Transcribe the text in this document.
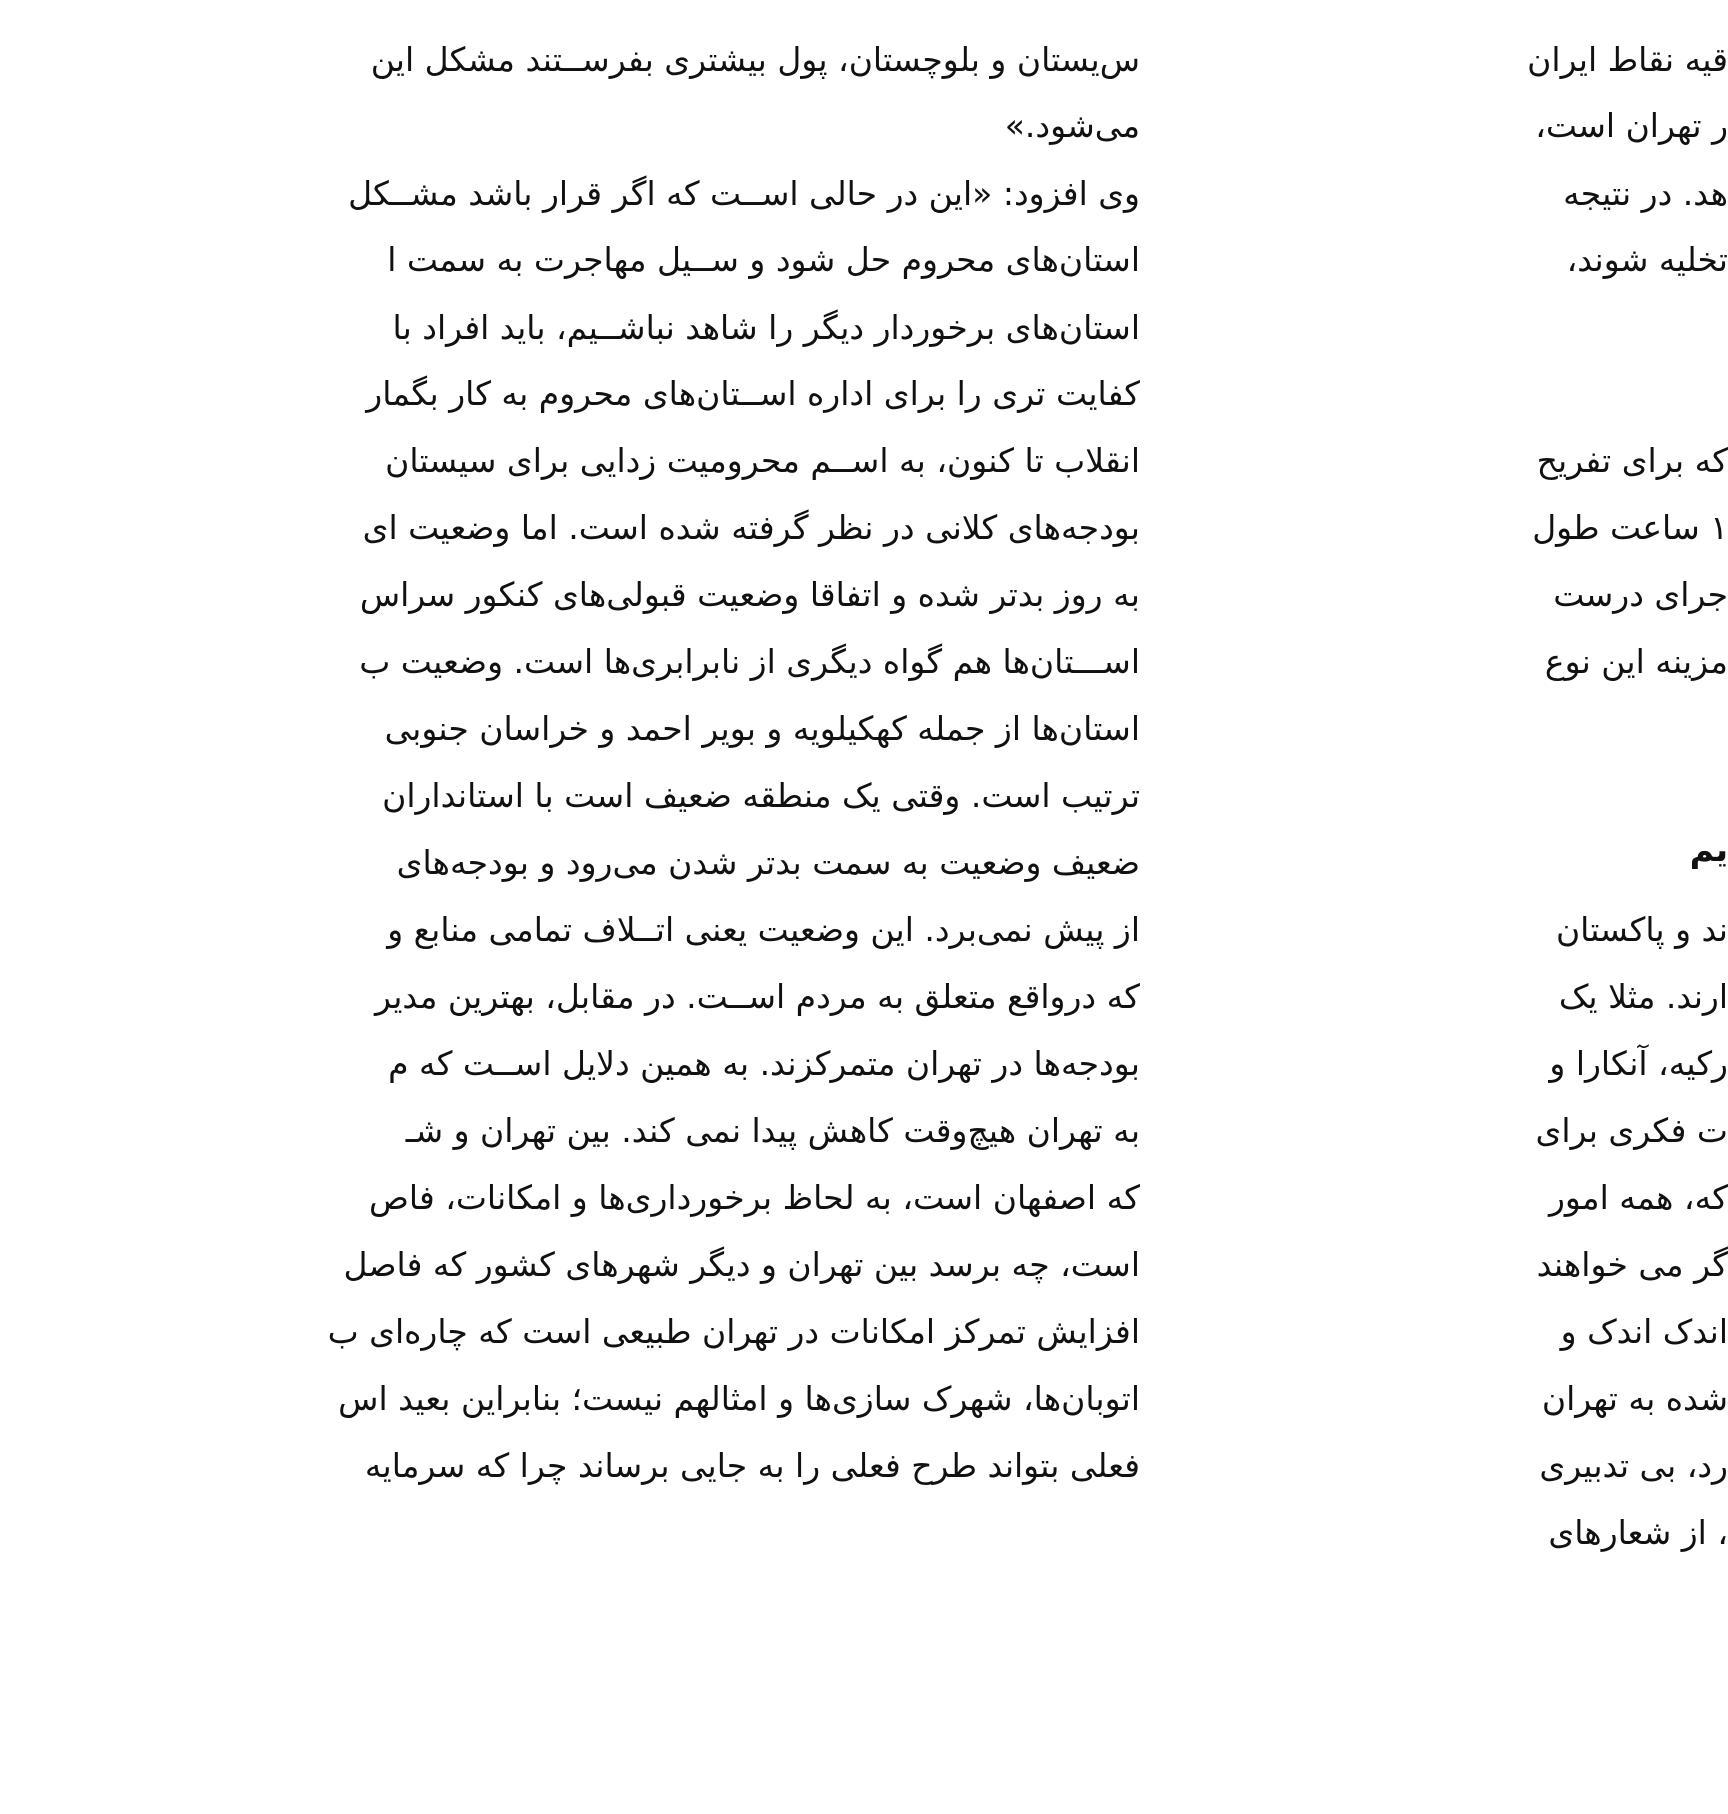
س‌یستان و بلوچستان، پول بیشتری بفرســتند مشکل این
می‌شود.»
وی افزود: «این در حالی اســت که اگر قرار باشد مشــکل
استان‌های محروم حل شود و ســیل مهاجرت به سمت ا
استان‌های برخوردار دیگر را شاهد نباشــیم، باید افراد با
کفایت تری را برای اداره اســتان‌های محروم به کار بگمار
انقلاب تا کنون، به اســم محرومیت زدایی برای سیستان
بودجه‌های کلانی در نظر گرفته شده است. اما وضعیت ای
به روز بدتر شده و اتفاقا وضعیت قبولی‌های کنکور سراس
اســـتان‌ها هم گواه دیگری از نابرابری‌ها است. وضعیت ب
استان‌ها از جمله کهکیلویه و بویر احمد و خراسان جنوبی
ترتیب است. وقتی یک منطقه ضعیف است با استانداران
ضعیف وضعیت به سمت بدتر شدن می‌رود و بودجه‌های
از پیش نمی‌برد. این وضعیت یعنی اتــلاف تمامی منابع و
که درواقع متعلق به مردم اســت. در مقابل، بهترین مدیر
بودجه‌ها در تهران متمرکزند. به همین دلایل اســت که م
به تهران هیچ‌وقت کاهش پیدا نمی کند. بین تهران و شـ
که اصفهان است، به لحاظ برخورداری‌ها و امکانات، فاص
است، چه برسد بین تهران و دیگر شهرهای کشور که فاصل
افزایش تمرکز امکانات در تهران طبیعی است که چاره‌ای ب
اتوبان‌ها، شهرک سازی‌ها و امثالهم نیست؛ بنابراین بعید اس
فعلی بتواند طرح فعلی را به جایی برساند چرا که سرمایه
قیه نقاط ایران
ر تهران است،
هد. در نتیجه
تخلیه شوند،
که برای تفریح
۱ ساعت طول
جرای درست
مزینه این نوع
یم
ند و پاکستان
ارند. مثلا یک
رکیه، آنکارا و
ت فکری برای
که، همه امور
گر می خواهند
اندک اندک و
شده به تهران
رد، بی تدبیری
، از شعارهای
